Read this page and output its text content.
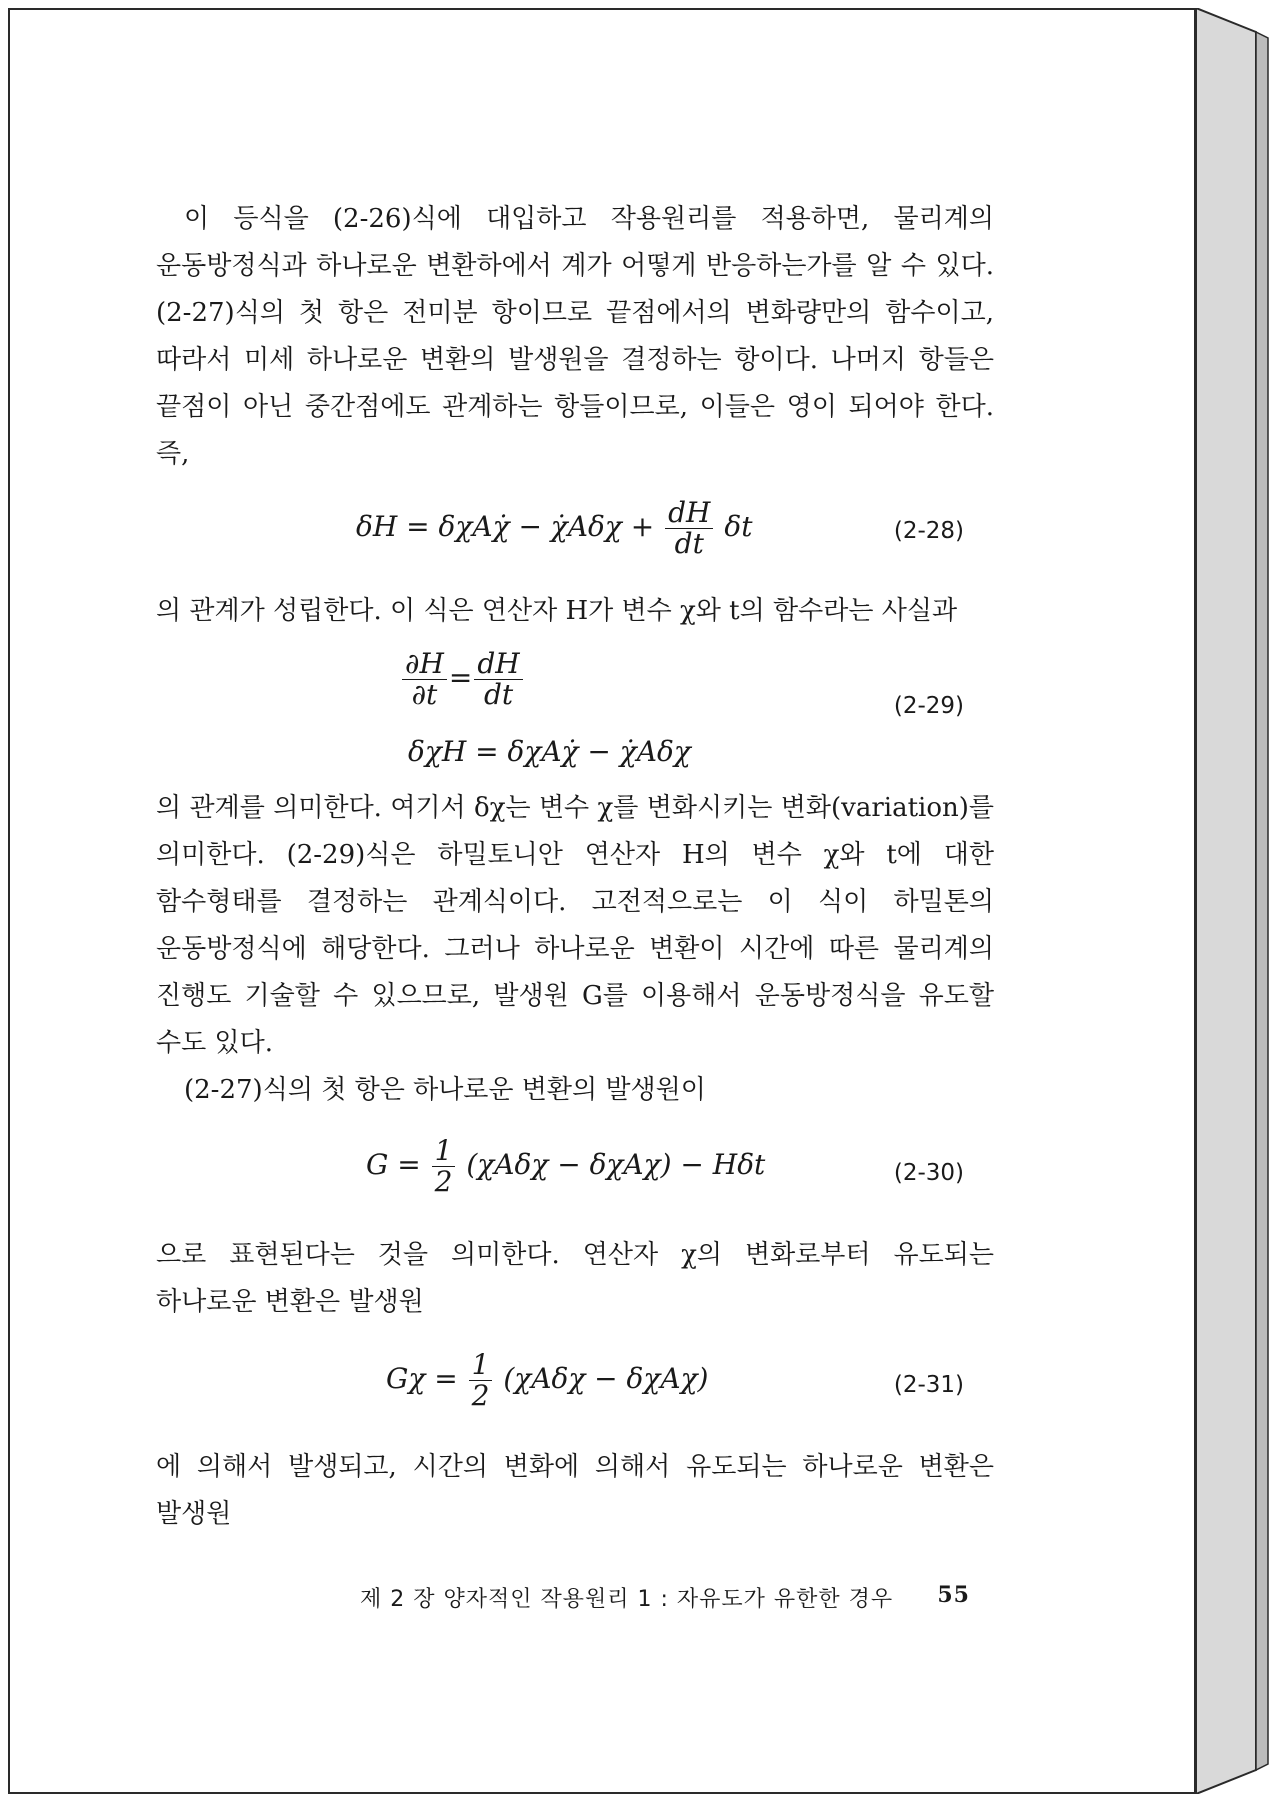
이 등식을 (2-26)식에 대입하고 작용원리를 적용하면, 물리계의 운동방정식과 하나로운 변환하에서 계가 어떻게 반응하는가를 알 수 있다. (2-27)식의 첫 항은 전미분 항이므로 끝점에서의 변화량만의 함수이고, 따라서 미세 하나로운 변환의 발생원을 결정하는 항이다. 나머지 항들은 끝점이 아닌 중간점에도 관계하는 항들이므로, 이들은 영이 되어야 한다. 즉,

δH = δχAχ̇ − χ̇Aδχ + $\frac{dH}{dt}$ δt	(2-28)

의 관계가 성립한다. 이 식은 연산자 H가 변수 χ와 t의 함수라는 사실과

$\frac{\partial H}{\partial t} = \frac{dH}{dt}$
δχH = δχAχ̇ − χ̇Aδχ
(2-29)

의 관계를 의미한다. 여기서 δχ는 변수 χ를 변화시키는 변화(variation)를 의미한다. (2-29)식은 하밀토니안 연산자 H의 변수 χ와 t에 대한 함수형태를 결정하는 관계식이다. 고전적으로는 이 식이 하밀톤의 운동방정식에 해당한다. 그러나 하나로운 변환이 시간에 따른 물리계의 진행도 기술할 수 있으므로, 발생원 G를 이용해서 운동방정식을 유도할 수도 있다.

(2-27)식의 첫 항은 하나로운 변환의 발생원이

$G = \frac{1}{2} (\chi A\delta\chi - \delta\chi A\chi) - H\delta t$	(2-30)

으로 표현된다는 것을 의미한다. 연산자 χ의 변화로부터 유도되는 하나로운 변환은 발생원

$G\chi = \frac{1}{2} (\chi A\delta\chi - \delta\chi A\chi)$	(2-31)

에 의해서 발생되고, 시간의 변화에 의해서 유도되는 하나로운 변환은 발생원

제 2 장 양자적인 작용원리 1 : 자유도가 유한한 경우 55
